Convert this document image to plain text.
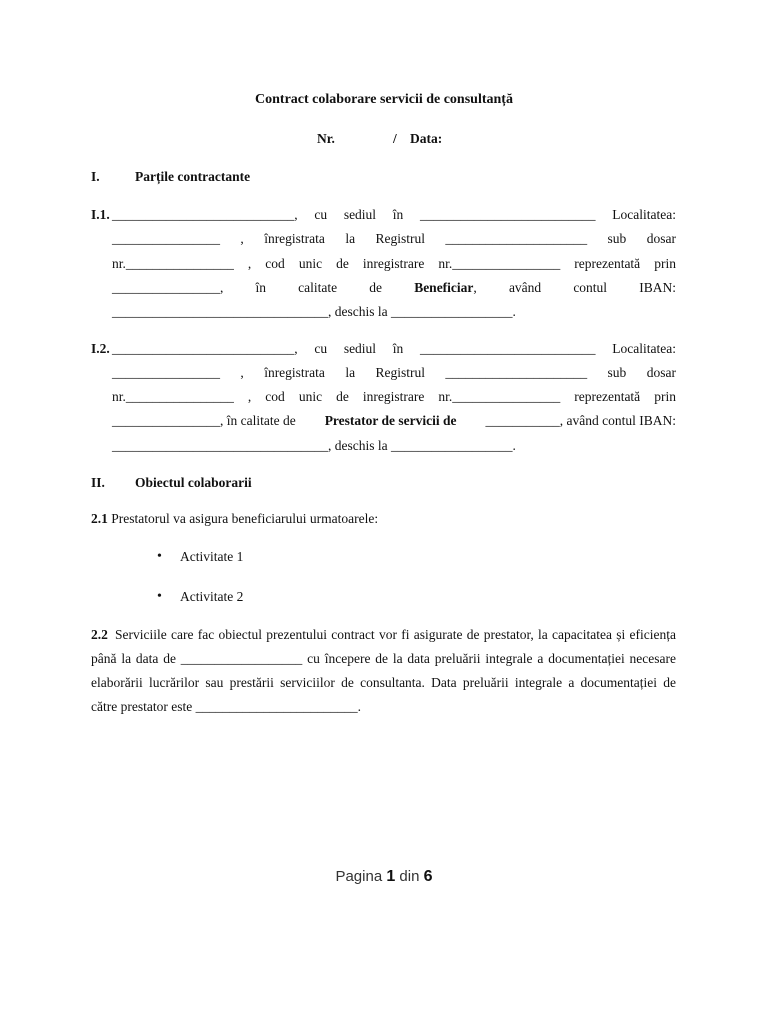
Contract colaborare servicii de consultanță
Nr.	/ Data:
I.	Parțile contractante
I.1. ___________________________, cu sediul în __________________________ Localitatea:
________________ , înregistrata la Registrul _____________________ sub dosar
nr.________________ , cod unic de inregistrare nr.________________ reprezentată prin
________________, în calitate de Beneficiar, având contul IBAN:
________________________________, deschis la __________________.
I.2. ___________________________, cu sediul în __________________________ Localitatea:
________________ , înregistrata la Registrul _____________________ sub dosar
nr.________________ , cod unic de inregistrare nr.________________ reprezentată prin
________________, în calitate de Prestator de servicii de ___________, având contul IBAN:
________________________________, deschis la __________________.
II. Obiectul colaborarii
2.1 Prestatorul va asigura beneficiarului urmatoarele:
• Activitate 1
• Activitate 2
2.2 Serviciile care fac obiectul prezentului contract vor fi asigurate de prestator, la capacitatea și eficiența
până la data de __________________ cu începere de la data preluării integrale a documentației necesare
elaborării lucrărilor sau prestării serviciilor de consultanta. Data preluării integrale a documentației de
către prestator este ________________________.
Pagina 1 din 6
